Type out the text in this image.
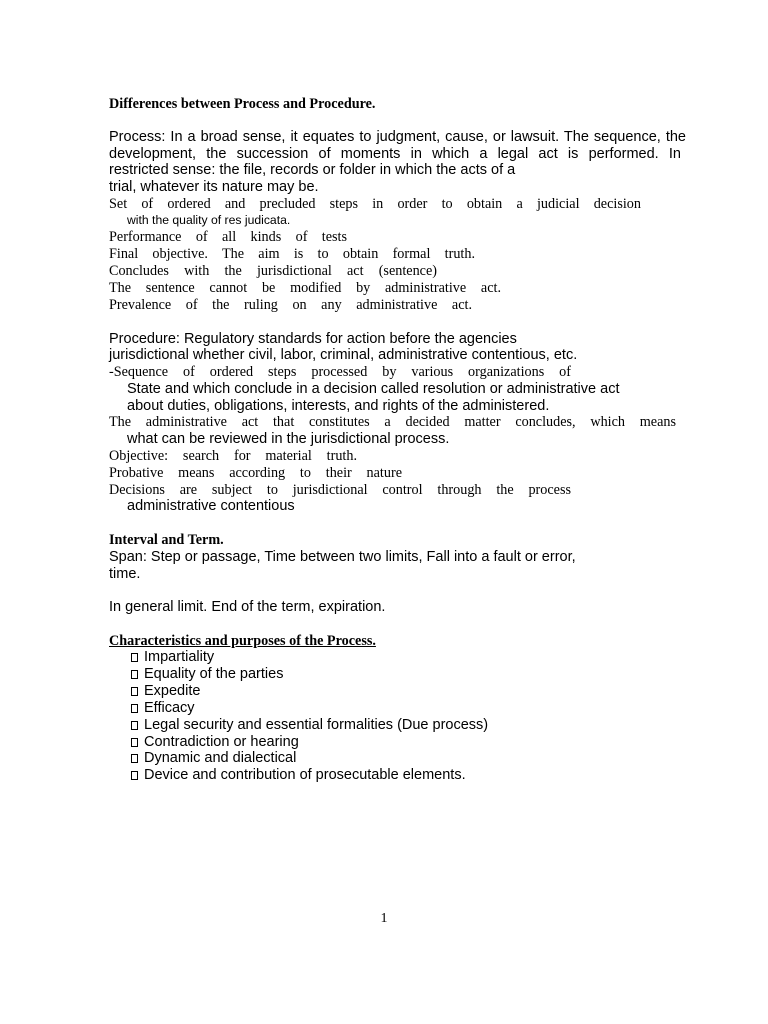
Differences between Process and Procedure.
Process: In a broad sense, it equates to judgment, cause, or lawsuit. The sequence, the
development, the succession of moments in which a legal act is performed. In
restricted sense: the file, records or folder in which the acts of a
trial, whatever its nature may be.
Set of ordered and precluded steps in order to obtain a judicial decision
with the quality of res judicata.
Performance of all kinds of tests
Final objective. The aim is to obtain formal truth.
Concludes with the jurisdictional act (sentence)
The sentence cannot be modified by administrative act.
Prevalence of the ruling on any administrative act.
Procedure: Regulatory standards for action before the agencies
jurisdictional whether civil, labor, criminal, administrative contentious, etc.
-Sequence of ordered steps processed by various organizations of
State and which conclude in a decision called resolution or administrative act
about duties, obligations, interests, and rights of the administered.
The administrative act that constitutes a decided matter concludes, which means
what can be reviewed in the jurisdictional process.
Objective: search for material truth.
Probative means according to their nature
Decisions are subject to jurisdictional control through the process
administrative contentious
Interval and Term.
Span: Step or passage, Time between two limits, Fall into a fault or error,
time.
In general limit. End of the term, expiration.
Characteristics and purposes of the Process.
Impartiality
Equality of the parties
Expedite
Efficacy
Legal security and essential formalities (Due process)
Contradiction or hearing
Dynamic and dialectical
Device and contribution of prosecutable elements.
1
